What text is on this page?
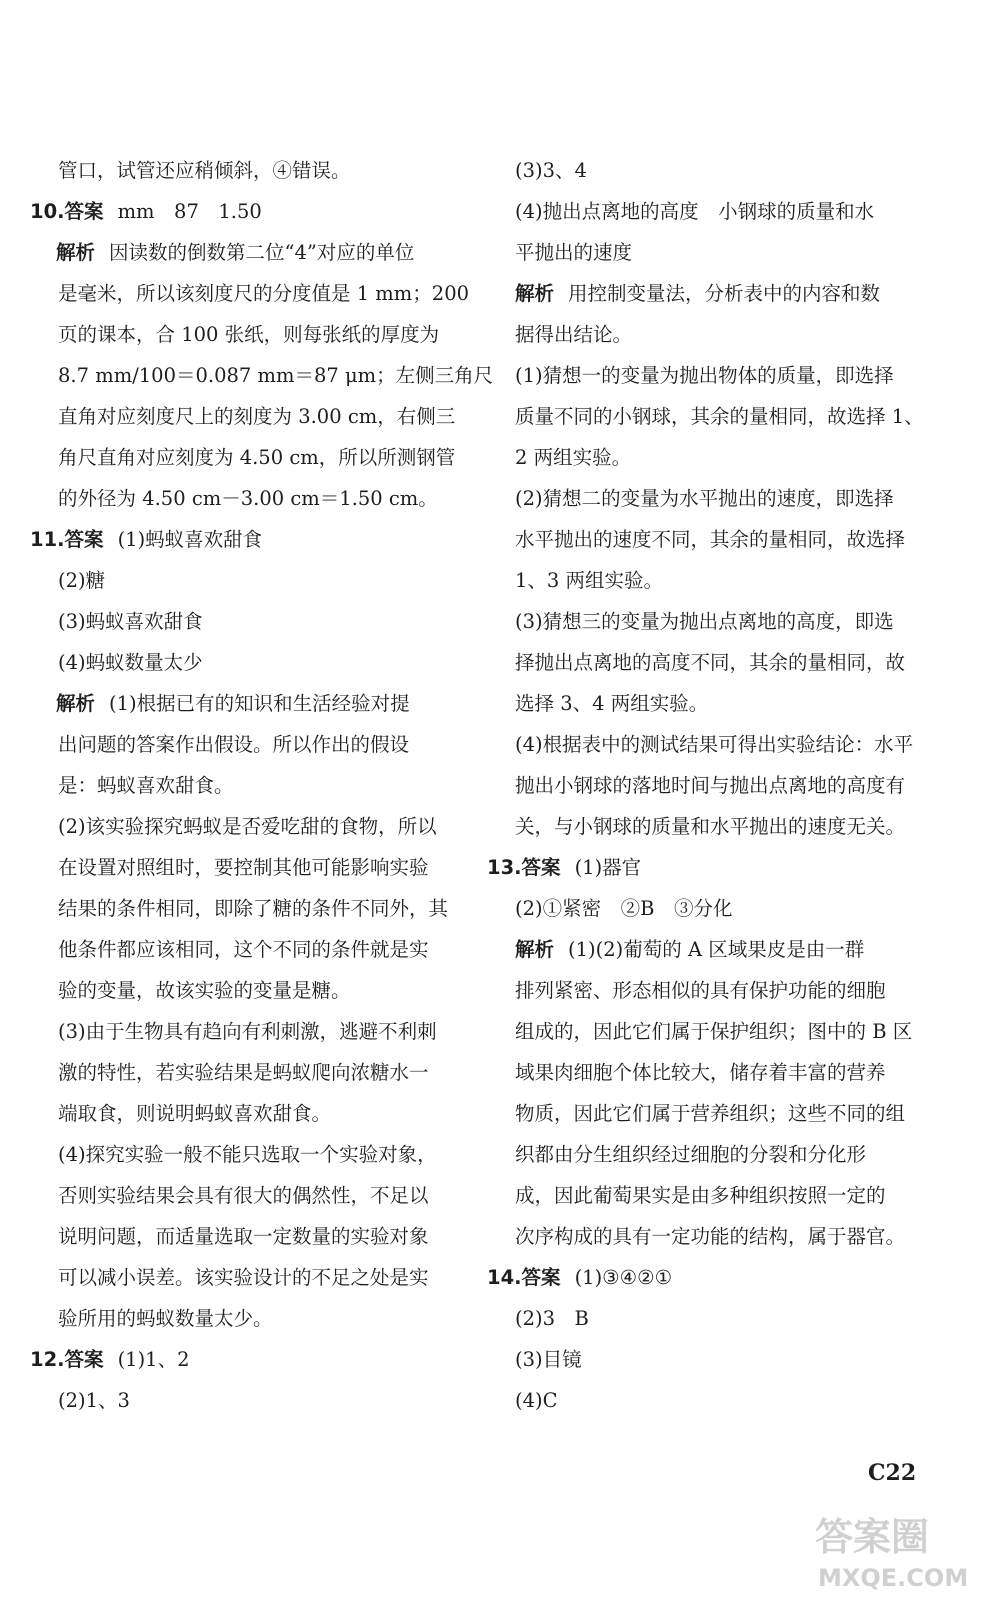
管口，试管还应稍倾斜，④错误。
10.答案 mm　87　1.50
解析 因读数的倒数第二位“4”对应的单位
是毫米，所以该刻度尺的分度值是 1 mm；200
页的课本，合 100 张纸，则每张纸的厚度为
8.7 mm/100＝0.087 mm＝87 μm；左侧三角尺
直角对应刻度尺上的刻度为 3.00 cm，右侧三
角尺直角对应刻度为 4.50 cm，所以所测钢管
的外径为 4.50 cm－3.00 cm＝1.50 cm。
11.答案 (1)蚂蚁喜欢甜食
(2)糖
(3)蚂蚁喜欢甜食
(4)蚂蚁数量太少
解析 (1)根据已有的知识和生活经验对提
出问题的答案作出假设。所以作出的假设
是：蚂蚁喜欢甜食。
(2)该实验探究蚂蚁是否爱吃甜的食物，所以
在设置对照组时，要控制其他可能影响实验
结果的条件相同，即除了糖的条件不同外，其
他条件都应该相同，这个不同的条件就是实
验的变量，故该实验的变量是糖。
(3)由于生物具有趋向有利刺激，逃避不利刺
激的特性，若实验结果是蚂蚁爬向浓糖水一
端取食，则说明蚂蚁喜欢甜食。
(4)探究实验一般不能只选取一个实验对象，
否则实验结果会具有很大的偶然性，不足以
说明问题，而适量选取一定数量的实验对象
可以减小误差。该实验设计的不足之处是实
验所用的蚂蚁数量太少。
12.答案 (1)1、2
(2)1、3
(3)3、4
(4)抛出点离地的高度　小钢球的质量和水
平抛出的速度
解析 用控制变量法，分析表中的内容和数
据得出结论。
(1)猜想一的变量为抛出物体的质量，即选择
质量不同的小钢球，其余的量相同，故选择 1、
2 两组实验。
(2)猜想二的变量为水平抛出的速度，即选择
水平抛出的速度不同，其余的量相同，故选择
1、3 两组实验。
(3)猜想三的变量为抛出点离地的高度，即选
择抛出点离地的高度不同，其余的量相同，故
选择 3、4 两组实验。
(4)根据表中的测试结果可得出实验结论：水平
抛出小钢球的落地时间与抛出点离地的高度有
关，与小钢球的质量和水平抛出的速度无关。
13.答案 (1)器官
(2)①紧密　②B　③分化
解析 (1)(2)葡萄的 A 区域果皮是由一群
排列紧密、形态相似的具有保护功能的细胞
组成的，因此它们属于保护组织；图中的 B 区
域果肉细胞个体比较大，储存着丰富的营养
物质，因此它们属于营养组织；这些不同的组
织都由分生组织经过细胞的分裂和分化形
成，因此葡萄果实是由多种组织按照一定的
次序构成的具有一定功能的结构，属于器官。
14.答案 (1)③④②①
(2)3　B
(3)目镜
(4)C
C22
答案圈
MXQE.COM
